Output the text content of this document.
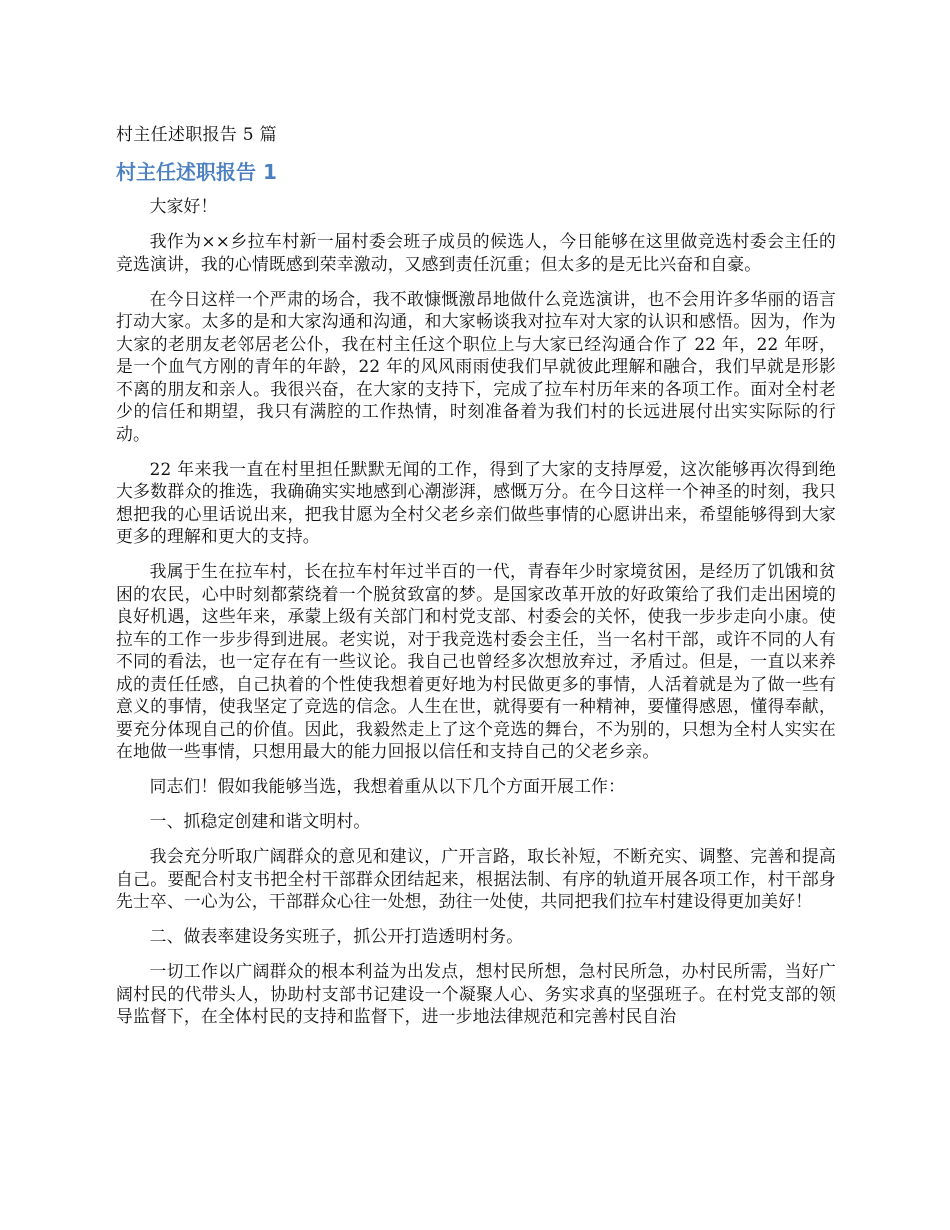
村主任述职报告 5 篇
村主任述职报告 1

大家好！

我作为××乡拉车村新一届村委会班子成员的候选人，今日能够在这里做竞选村委会主任的竞选演讲，我的心情既感到荣幸激动，又感到责任沉重；但太多的是无比兴奋和自豪。

在今日这样一个严肃的场合，我不敢慷慨激昂地做什么竞选演讲，也不会用许多华丽的语言打动大家。太多的是和大家沟通和沟通，和大家畅谈我对拉车对大家的认识和感悟。因为，作为大家的老朋友老邻居老公仆，我在村主任这个职位上与大家已经沟通合作了 22 年，22 年呀，是一个血气方刚的青年的年龄，22 年的风风雨雨使我们早就彼此理解和融合，我们早就是形影不离的朋友和亲人。我很兴奋，在大家的支持下，完成了拉车村历年来的各项工作。面对全村老少的信任和期望，我只有满腔的工作热情，时刻准备着为我们村的长远进展付出实实际际的行动。

22 年来我一直在村里担任默默无闻的工作，得到了大家的支持厚爱，这次能够再次得到绝大多数群众的推选，我确确实实地感到心潮澎湃，感慨万分。在今日这样一个神圣的时刻，我只想把我的心里话说出来，把我甘愿为全村父老乡亲们做些事情的心愿讲出来，希望能够得到大家更多的理解和更大的支持。

我属于生在拉车村，长在拉车村年过半百的一代，青春年少时家境贫困，是经历了饥饿和贫困的农民，心中时刻都萦绕着一个脱贫致富的梦。是国家改革开放的好政策给了我们走出困境的良好机遇，这些年来，承蒙上级有关部门和村党支部、村委会的关怀，使我一步步走向小康。使拉车的工作一步步得到进展。老实说，对于我竞选村委会主任，当一名村干部，或许不同的人有不同的看法，也一定存在有一些议论。我自己也曾经多次想放弃过，矛盾过。但是，一直以来养成的责任任感，自己执着的个性使我想着更好地为村民做更多的事情，人活着就是为了做一些有意义的事情，使我坚定了竞选的信念。人生在世，就得要有一种精神，要懂得感恩，懂得奉献，要充分体现自己的价值。因此，我毅然走上了这个竞选的舞台，不为别的，只想为全村人实实在在地做一些事情，只想用最大的能力回报以信任和支持自己的父老乡亲。

同志们！假如我能够当选，我想着重从以下几个方面开展工作：

一、抓稳定创建和谐文明村。

我会充分听取广阔群众的意见和建议，广开言路，取长补短，不断充实、调整、完善和提高自己。要配合村支书把全村干部群众团结起来，根据法制、有序的轨道开展各项工作，村干部身先士卒、一心为公，干部群众心往一处想，劲往一处使，共同把我们拉车村建设得更加美好！

二、做表率建设务实班子，抓公开打造透明村务。

一切工作以广阔群众的根本利益为出发点，想村民所想，急村民所急，办村民所需，当好广阔村民的代带头人，协助村支部书记建设一个凝聚人心、务实求真的坚强班子。在村党支部的领导监督下，在全体村民的支持和监督下，进一步地法律规范和完善村民自治
